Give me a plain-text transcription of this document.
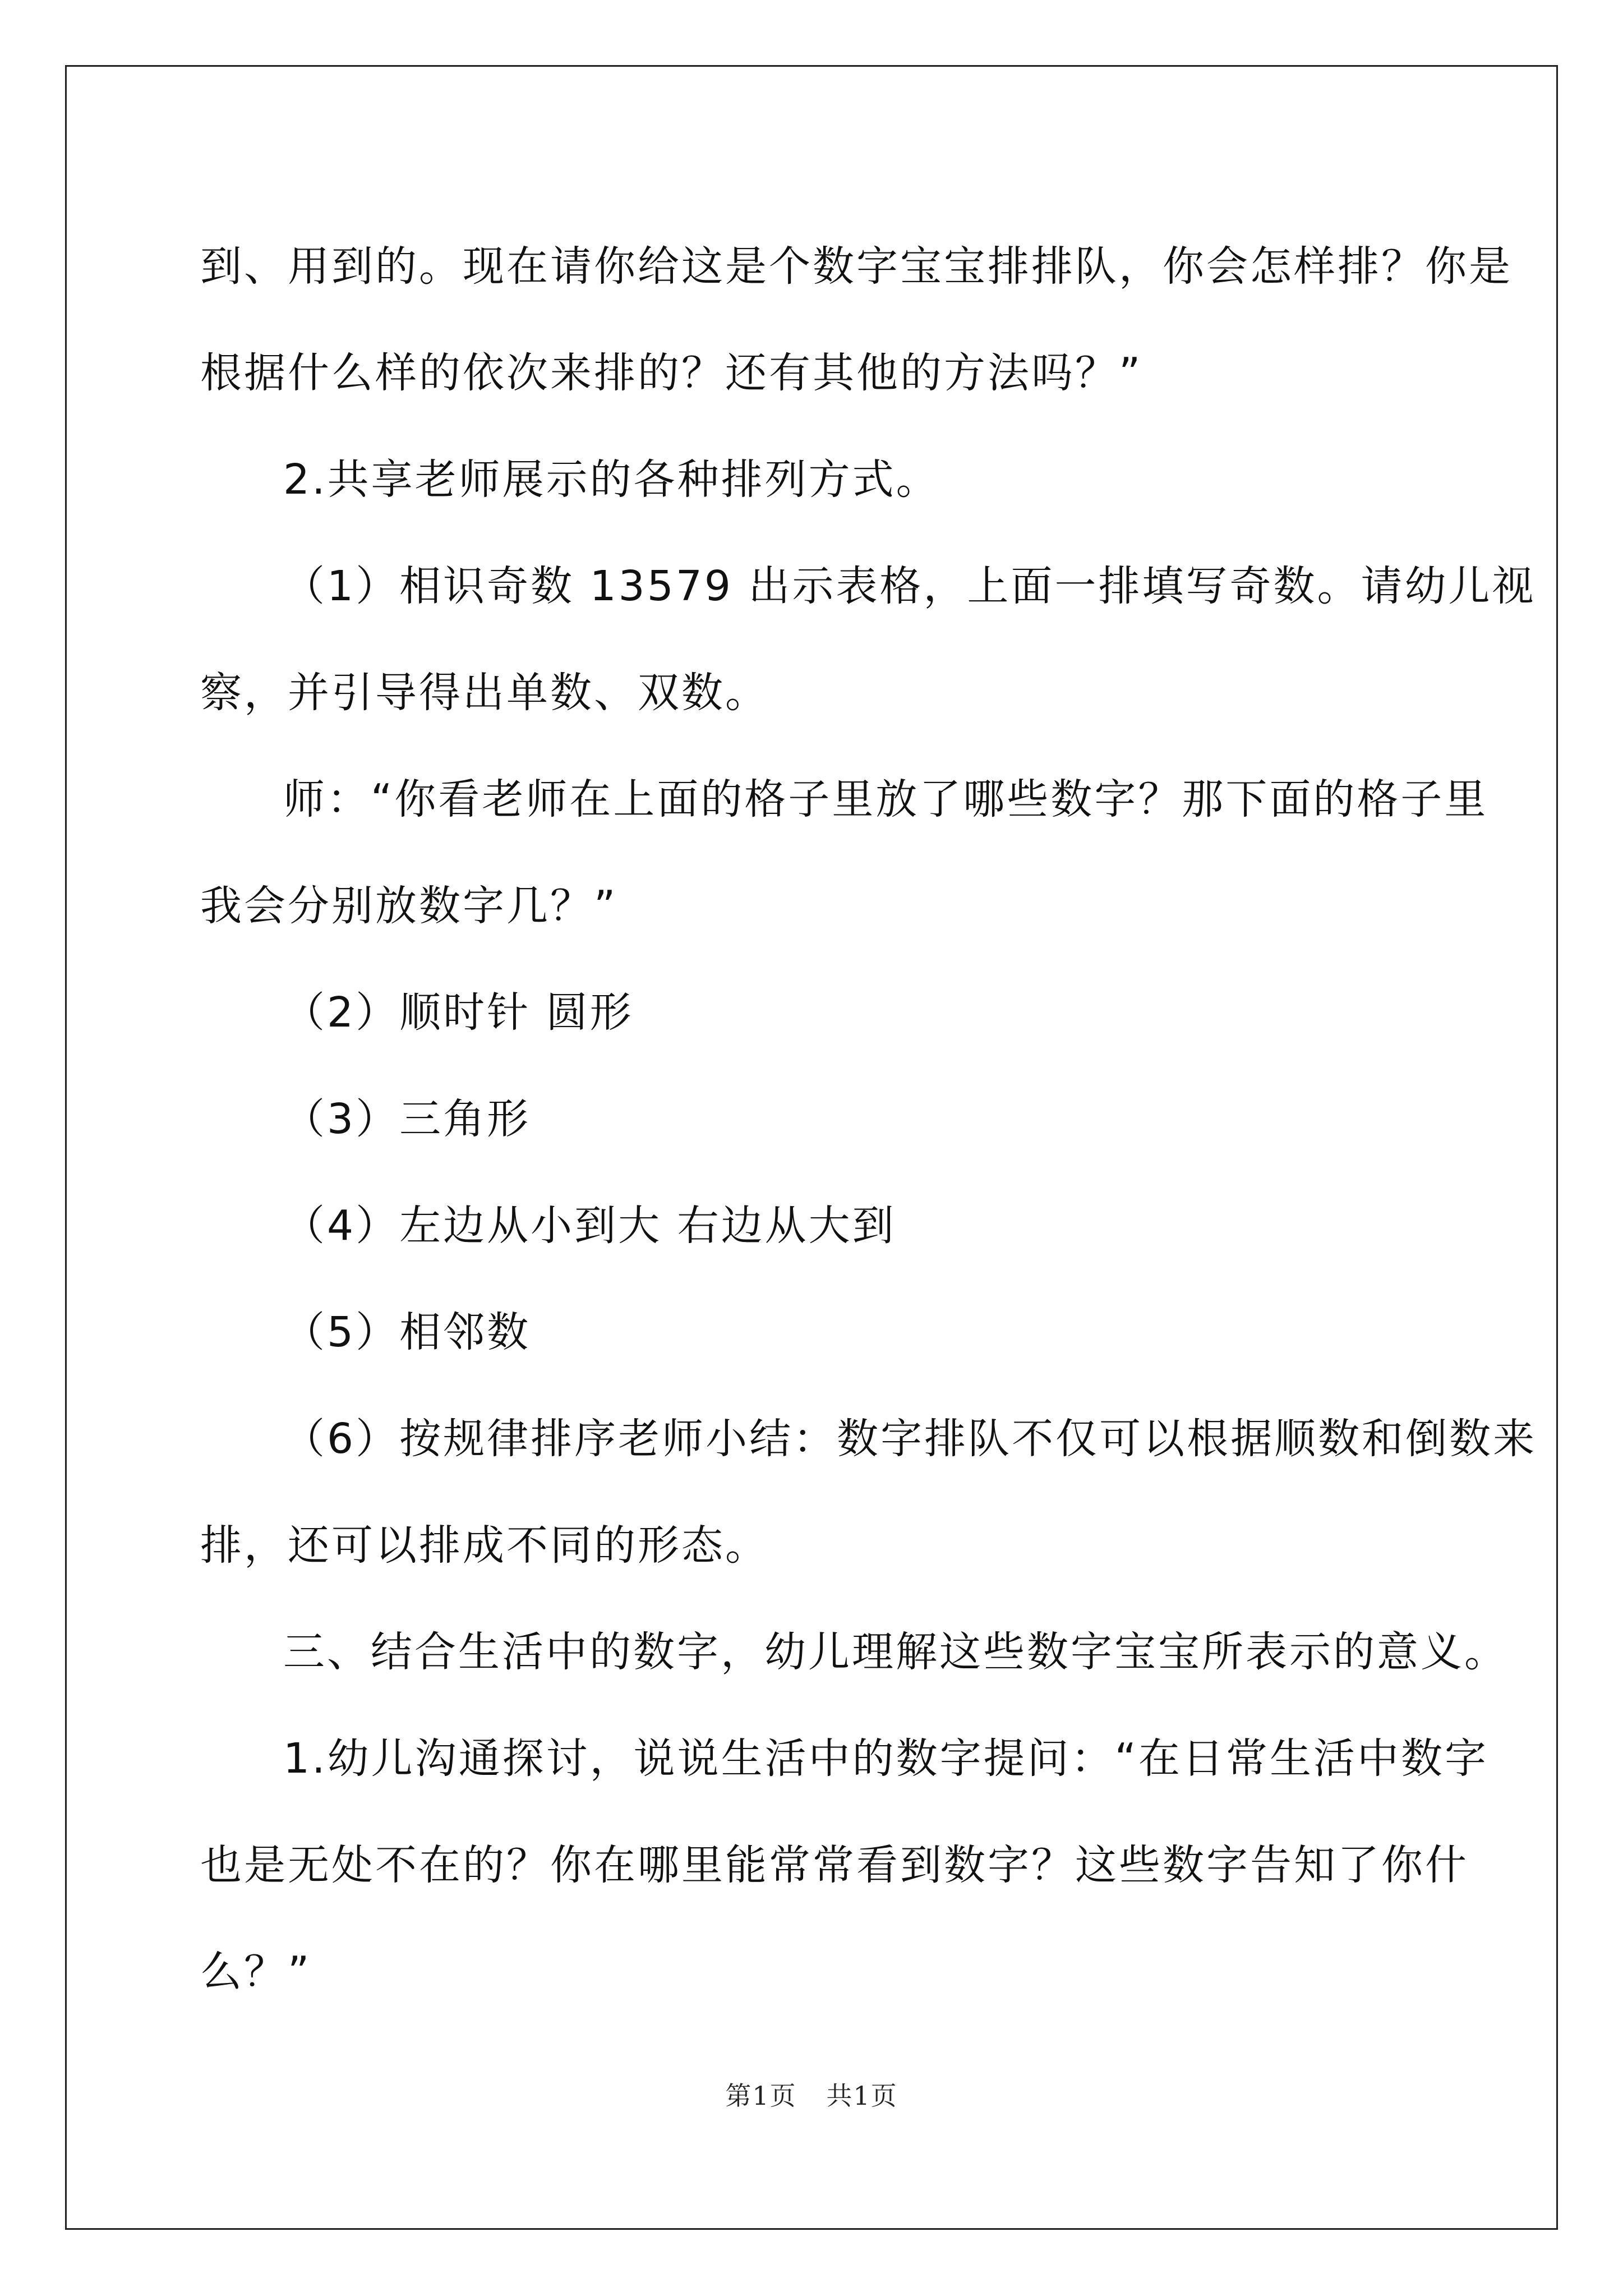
到、用到的。现在请你给这是个数字宝宝排排队，你会怎样排？你是

根据什么样的依次来排的？还有其他的方法吗？”

2.共享老师展示的各种排列方式。

（1）相识奇数 13579 出示表格，上面一排填写奇数。请幼儿视

察，并引导得出单数、双数。

师：“你看老师在上面的格子里放了哪些数字？那下面的格子里

我会分别放数字几？”

（2）顺时针 圆形

（3）三角形

（4）左边从小到大 右边从大到

（5）相邻数

（6）按规律排序老师小结：数字排队不仅可以根据顺数和倒数来

排，还可以排成不同的形态。

三、结合生活中的数字，幼儿理解这些数字宝宝所表示的意义。

1.幼儿沟通探讨，说说生活中的数字提问：“在日常生活中数字

也是无处不在的？你在哪里能常常看到数字？这些数字告知了你什

么？”

第1页 共1页
